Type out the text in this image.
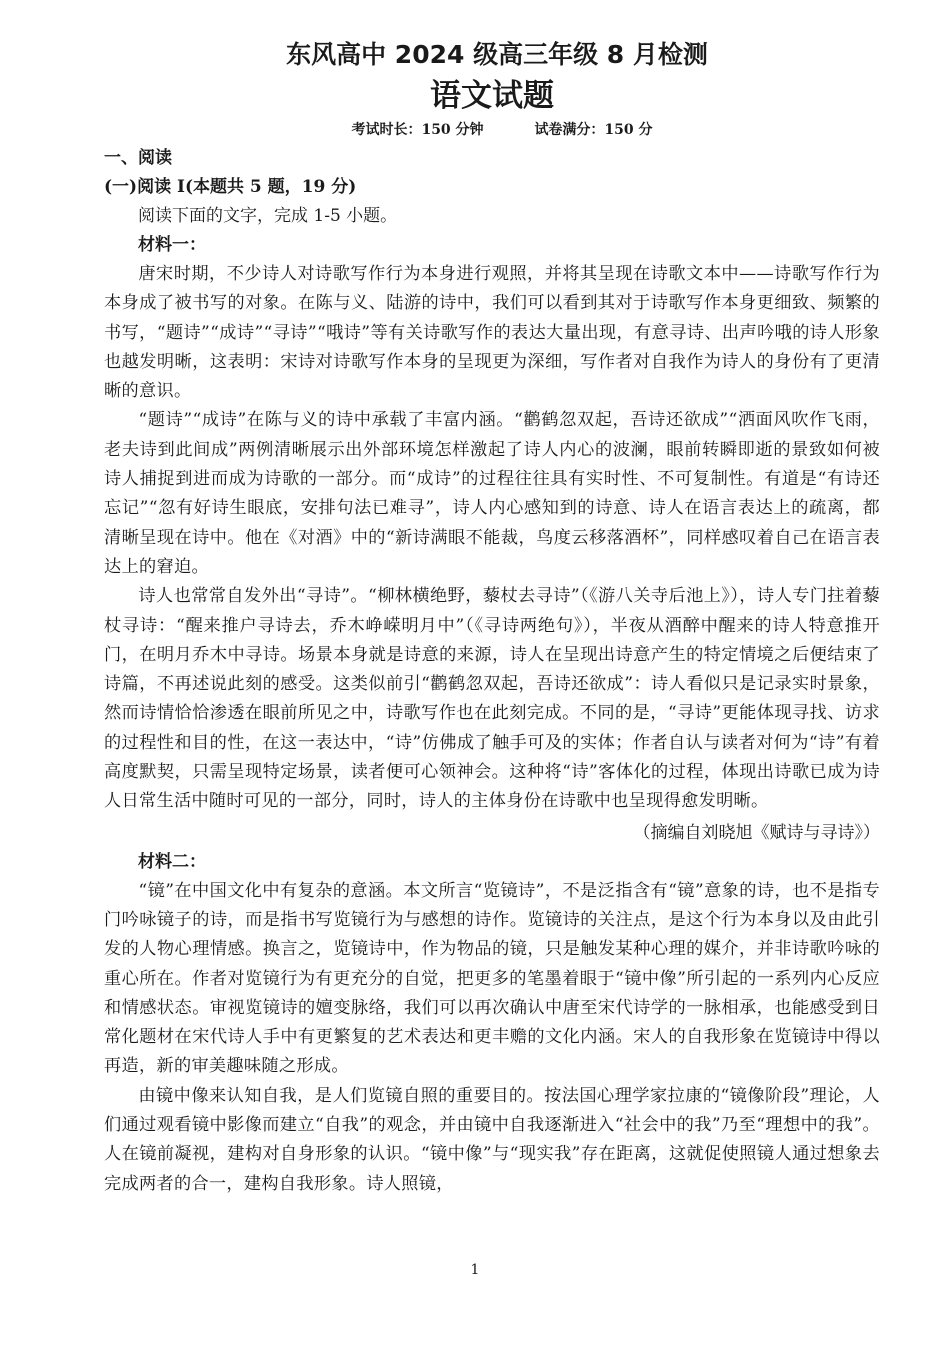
东风高中 2024 级高三年级 8 月检测
语文试题
考试时长：150 分钟	试卷满分：150 分

一、阅读

(一)阅读 I(本题共 5 题，19 分)

阅读下面的文字，完成 1-5 小题。

材料一：

唐宋时期，不少诗人对诗歌写作行为本身进行观照，并将其呈现在诗歌文本中——诗歌写作行为本身成了被书写的对象。在陈与义、陆游的诗中，我们可以看到其对于诗歌写作本身更细致、频繁的书写，“题诗”“成诗”“寻诗”“哦诗”等有关诗歌写作的表达大量出现，有意寻诗、出声吟哦的诗人形象也越发明晰，这表明：宋诗对诗歌写作本身的呈现更为深细，写作者对自我作为诗人的身份有了更清晰的意识。

“题诗”“成诗”在陈与义的诗中承载了丰富内涵。“鹳鹤忽双起，吾诗还欲成”“洒面风吹作飞雨，老夫诗到此间成”两例清晰展示出外部环境怎样激起了诗人内心的波澜，眼前转瞬即逝的景致如何被诗人捕捉到进而成为诗歌的一部分。而“成诗”的过程往往具有实时性、不可复制性。有道是“有诗还忘记”“忽有好诗生眼底，安排句法已难寻”，诗人内心感知到的诗意、诗人在语言表达上的疏离，都清晰呈现在诗中。他在《对酒》中的“新诗满眼不能裁，鸟度云移落酒杯”，同样感叹着自己在语言表达上的窘迫。

诗人也常常自发外出“寻诗”。“柳林横绝野，藜杖去寻诗”（《游八关寺后池上》），诗人专门拄着藜杖寻诗：“醒来推户寻诗去，乔木峥嵘明月中”（《寻诗两绝句》），半夜从酒醉中醒来的诗人特意推开门，在明月乔木中寻诗。场景本身就是诗意的来源，诗人在呈现出诗意产生的特定情境之后便结束了诗篇，不再述说此刻的感受。这类似前引“鹳鹤忽双起，吾诗还欲成”：诗人看似只是记录实时景象，然而诗情恰恰渗透在眼前所见之中，诗歌写作也在此刻完成。不同的是，“寻诗”更能体现寻找、访求的过程性和目的性，在这一表达中，“诗”仿佛成了触手可及的实体；作者自认与读者对何为“诗”有着高度默契，只需呈现特定场景，读者便可心领神会。这种将“诗”客体化的过程，体现出诗歌已成为诗人日常生活中随时可见的一部分，同时，诗人的主体身份在诗歌中也呈现得愈发明晰。

（摘编自刘晓旭《赋诗与寻诗》）

材料二：

“镜”在中国文化中有复杂的意涵。本文所言“览镜诗”，不是泛指含有“镜”意象的诗，也不是指专门吟咏镜子的诗，而是指书写览镜行为与感想的诗作。览镜诗的关注点，是这个行为本身以及由此引发的人物心理情感。换言之，览镜诗中，作为物品的镜，只是触发某种心理的媒介，并非诗歌吟咏的重心所在。作者对览镜行为有更充分的自觉，把更多的笔墨着眼于“镜中像”所引起的一系列内心反应和情感状态。审视览镜诗的嬗变脉络，我们可以再次确认中唐至宋代诗学的一脉相承，也能感受到日常化题材在宋代诗人手中有更繁复的艺术表达和更丰赡的文化内涵。宋人的自我形象在览镜诗中得以再造，新的审美趣味随之形成。

由镜中像来认知自我，是人们览镜自照的重要目的。按法国心理学家拉康的“镜像阶段”理论，人们通过观看镜中影像而建立“自我”的观念，并由镜中自我逐渐进入“社会中的我”乃至“理想中的我”。人在镜前凝视，建构对自身形象的认识。“镜中像”与“现实我”存在距离，这就促使照镜人通过想象去完成两者的合一，建构自我形象。诗人照镜，

1
